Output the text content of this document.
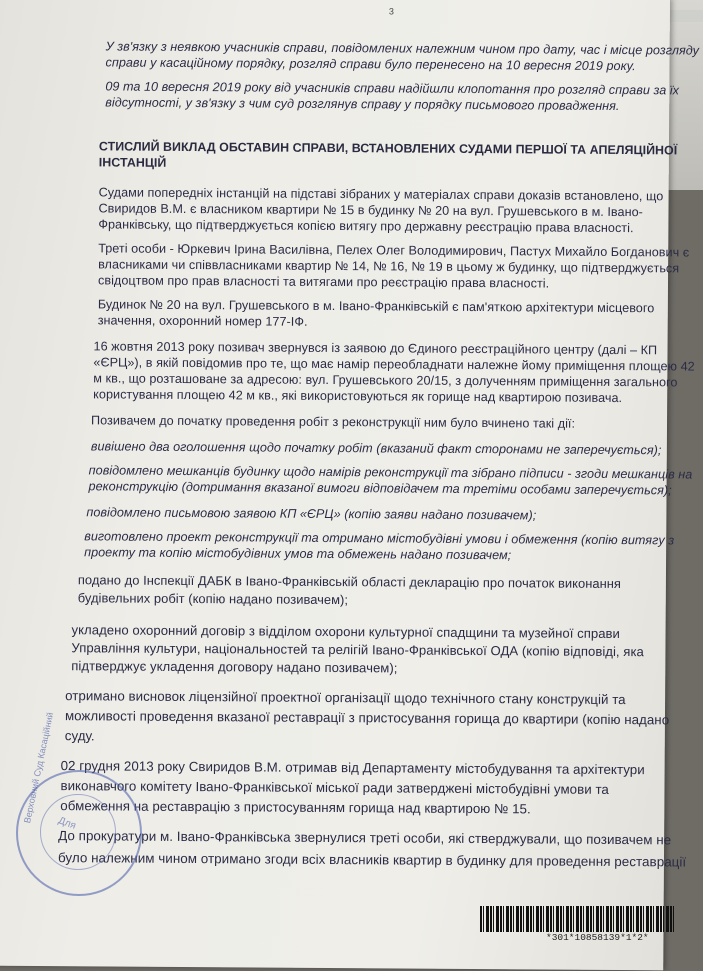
3
У зв'язку з неявкою учасників справи, повідомлених належним чином про дату, час і місце розгляду
справи у касаційному порядку, розгляд справи було перенесено на 10 вересня 2019 року.
09 та 10 вересня 2019 року від учасників справи надійшли клопотання про розгляд справи за їх
відсутності, у зв'язку з чим суд розглянув справу у порядку письмового провадження.
СТИСЛИЙ ВИКЛАД ОБСТАВИН СПРАВИ, ВСТАНОВЛЕНИХ СУДАМИ ПЕРШОЇ ТА АПЕЛЯЦІЙНОЇ
ІНСТАНЦІЙ
Судами попередніх інстанцій на підставі зібраних у матеріалах справи доказів встановлено, що
Свиридов В.М. є власником квартири № 15 в будинку № 20 на вул. Грушевського в м. Івано-
Франківську, що підтверджується копією витягу про державну реєстрацію права власності.
Треті особи - Юркевич Ірина Василівна, Пелех Олег Володимирович, Пастух Михайло Богданович є
власниками чи співвласниками квартир № 14, № 16, № 19 в цьому ж будинку, що підтверджується
свідоцтвом про прав власності та витягами про реєстрацію права власності.
Будинок № 20 на вул. Грушевського в м. Івано-Франківській є пам'яткою архітектури місцевого
значення, охоронний номер 177-ІФ.
16 жовтня 2013 року позивач звернувся із заявою до Єдиного реєстраційного центру (далі – КП
«ЄРЦ»), в якій повідомив про те, що має намір переобладнати належне йому приміщення площею 42
м кв., що розташоване за адресою: вул. Грушевського 20/15, з долученням приміщення загального
користування площею 42 м кв., які використовуються як горище над квартирою позивача.
Позивачем до початку проведення робіт з реконструкції ним було вчинено такі дії:
вивішено два оголошення щодо початку робіт (вказаний факт сторонами не заперечується);
повідомлено мешканців будинку щодо намірів реконструкції та зібрано підписи - згоди мешканців на
реконструкцію (дотримання вказаної вимоги відповідачем та третіми особами заперечується);
повідомлено письмовою заявою КП «ЄРЦ» (копію заяви надано позивачем);
виготовлено проект реконструкції та отримано містобудівні умови і обмеження (копію витягу з
проекту та копію містобудівних умов та обмежень надано позивачем;
подано до Інспекції ДАБК в Івано-Франківській області декларацію про початок виконання
будівельних робіт (копію надано позивачем);
укладено охоронний договір з відділом охорони культурної спадщини та музейної справи
Управління культури, національностей та релігій Івано-Франківської ОДА (копію відповіді, яка
підтверджує укладення договору надано позивачем);
отримано висновок ліцензійної проектної організації щодо технічного стану конструкцій та
можливості проведення вказаної реставрації з пристосування горища до квартири (копію надано
суду.
02 грудня 2013 року Свиридов В.М. отримав від Департаменту містобудування та архітектури
виконавчого комітету Івано-Франківської міської ради затверджені містобудівні умови та
обмеження на реставрацію з пристосуванням горища над квартирою № 15.
До прокуратури м. Івано-Франківська звернулися треті особи, які стверджували, що позивачем не
було належним чином отримано згоди всіх власників квартир в будинку для проведення реставрації
Верховний Суд Касаційний Для
*301*10858139*1*2*
